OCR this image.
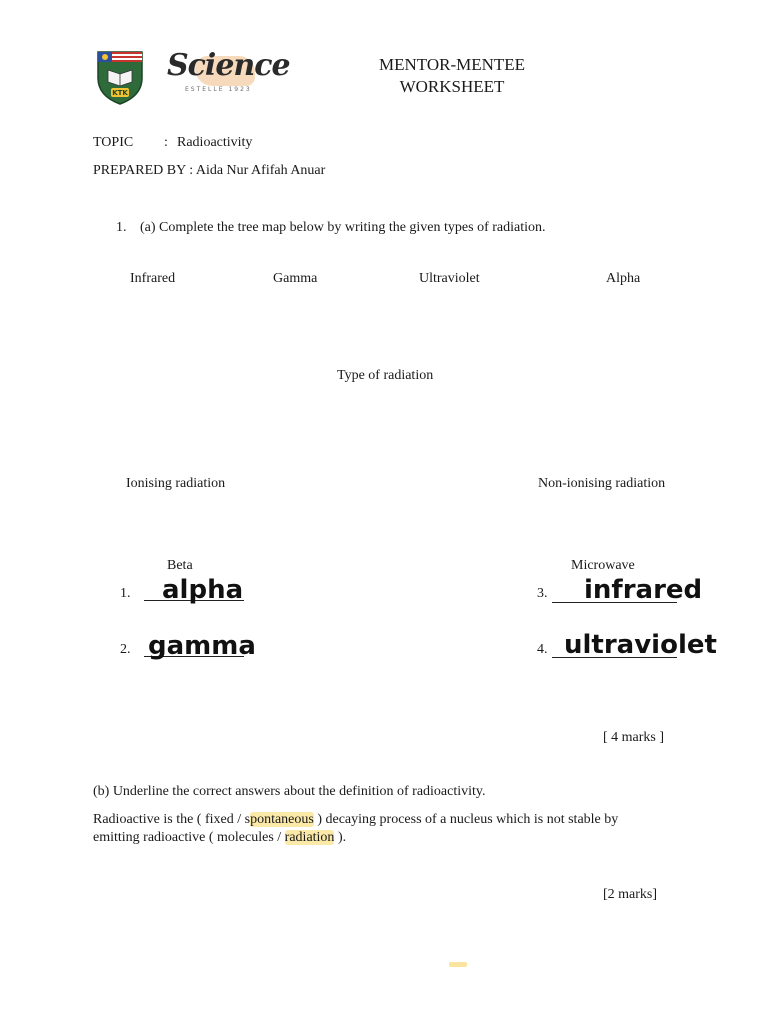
KTK
Science
ESTELLE 1923
MENTOR-MENTEE
WORKSHEET
TOPIC : Radioactivity
PREPARED BY : Aida Nur Afifah Anuar
1. (a) Complete the tree map below by writing the given types of radiation.
Infrared	Gamma	Ultraviolet	Alpha
Type of radiation
Ionising radiation	Non-ionising radiation
Beta	Microwave
1. alpha
2. gamma
3. infrared
4. ultraviolet
[ 4 marks ]
(b) Underline the correct answers about the definition of radioactivity.
Radioactive is the ( fixed / spontaneous ) decaying process of a nucleus which is not stable by
emitting radioactive ( molecules / radiation ).
[2 marks]
